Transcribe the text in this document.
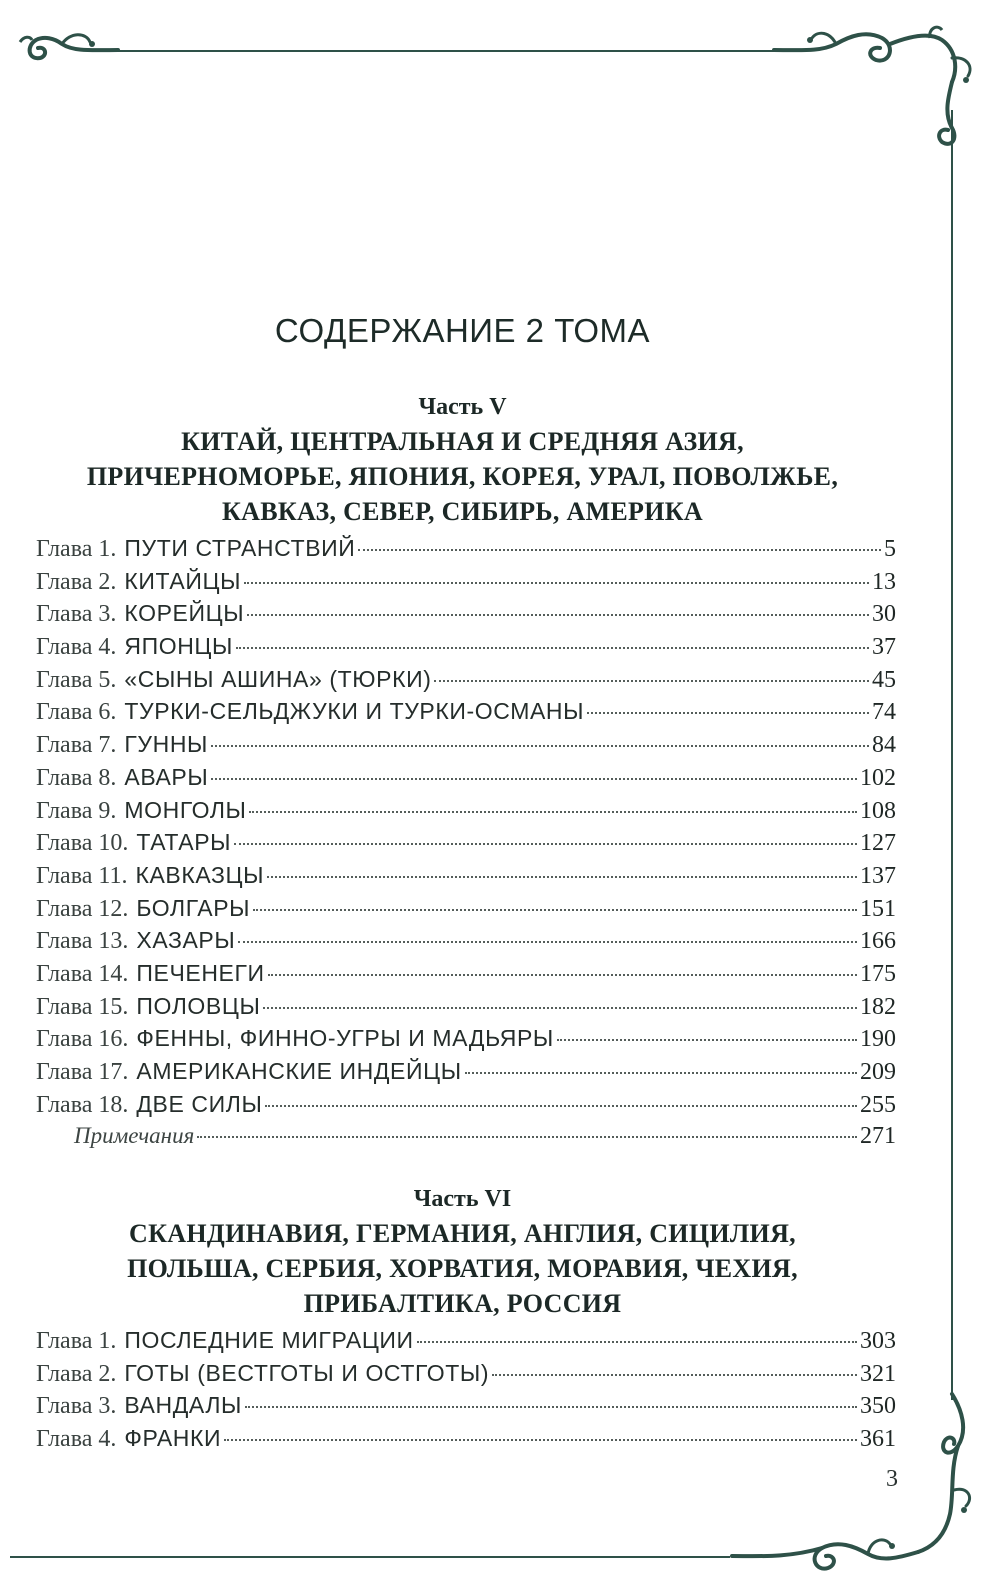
СОДЕРЖАНИЕ 2 ТОМА
Часть V
КИТАЙ, ЦЕНТРАЛЬНАЯ И СРЕДНЯЯ АЗИЯ,
ПРИЧЕРНОМОРЬЕ, ЯПОНИЯ, КОРЕЯ, УРАЛ, ПОВОЛЖЬЕ,
КАВКАЗ, СЕВЕР, СИБИРЬ, АМЕРИКА
Глава 1. ПУТИ СТРАНСТВИЙ	5
Глава 2. КИТАЙЦЫ	13
Глава 3. КОРЕЙЦЫ	30
Глава 4. ЯПОНЦЫ	37
Глава 5. «СЫНЫ АШИНА» (ТЮРКИ)	45
Глава 6. ТУРКИ-СЕЛЬДЖУКИ И ТУРКИ-ОСМАНЫ	74
Глава 7. ГУННЫ	84
Глава 8. АВАРЫ	102
Глава 9. МОНГОЛЫ	108
Глава 10. ТАТАРЫ	127
Глава 11. КАВКАЗЦЫ	137
Глава 12. БОЛГАРЫ	151
Глава 13. ХАЗАРЫ	166
Глава 14. ПЕЧЕНЕГИ	175
Глава 15. ПОЛОВЦЫ	182
Глава 16. ФЕННЫ, ФИННО-УГРЫ И МАДЬЯРЫ	190
Глава 17. АМЕРИКАНСКИЕ ИНДЕЙЦЫ	209
Глава 18. ДВЕ СИЛЫ	255
Примечания	271
Часть VI
СКАНДИНАВИЯ, ГЕРМАНИЯ, АНГЛИЯ, СИЦИЛИЯ,
ПОЛЬША, СЕРБИЯ, ХОРВАТИЯ, МОРАВИЯ, ЧЕХИЯ,
ПРИБАЛТИКА, РОССИЯ
Глава 1. ПОСЛЕДНИЕ МИГРАЦИИ	303
Глава 2. ГОТЫ (ВЕСТГОТЫ И ОСТГОТЫ)	321
Глава 3. ВАНДАЛЫ	350
Глава 4. ФРАНКИ	361
3
